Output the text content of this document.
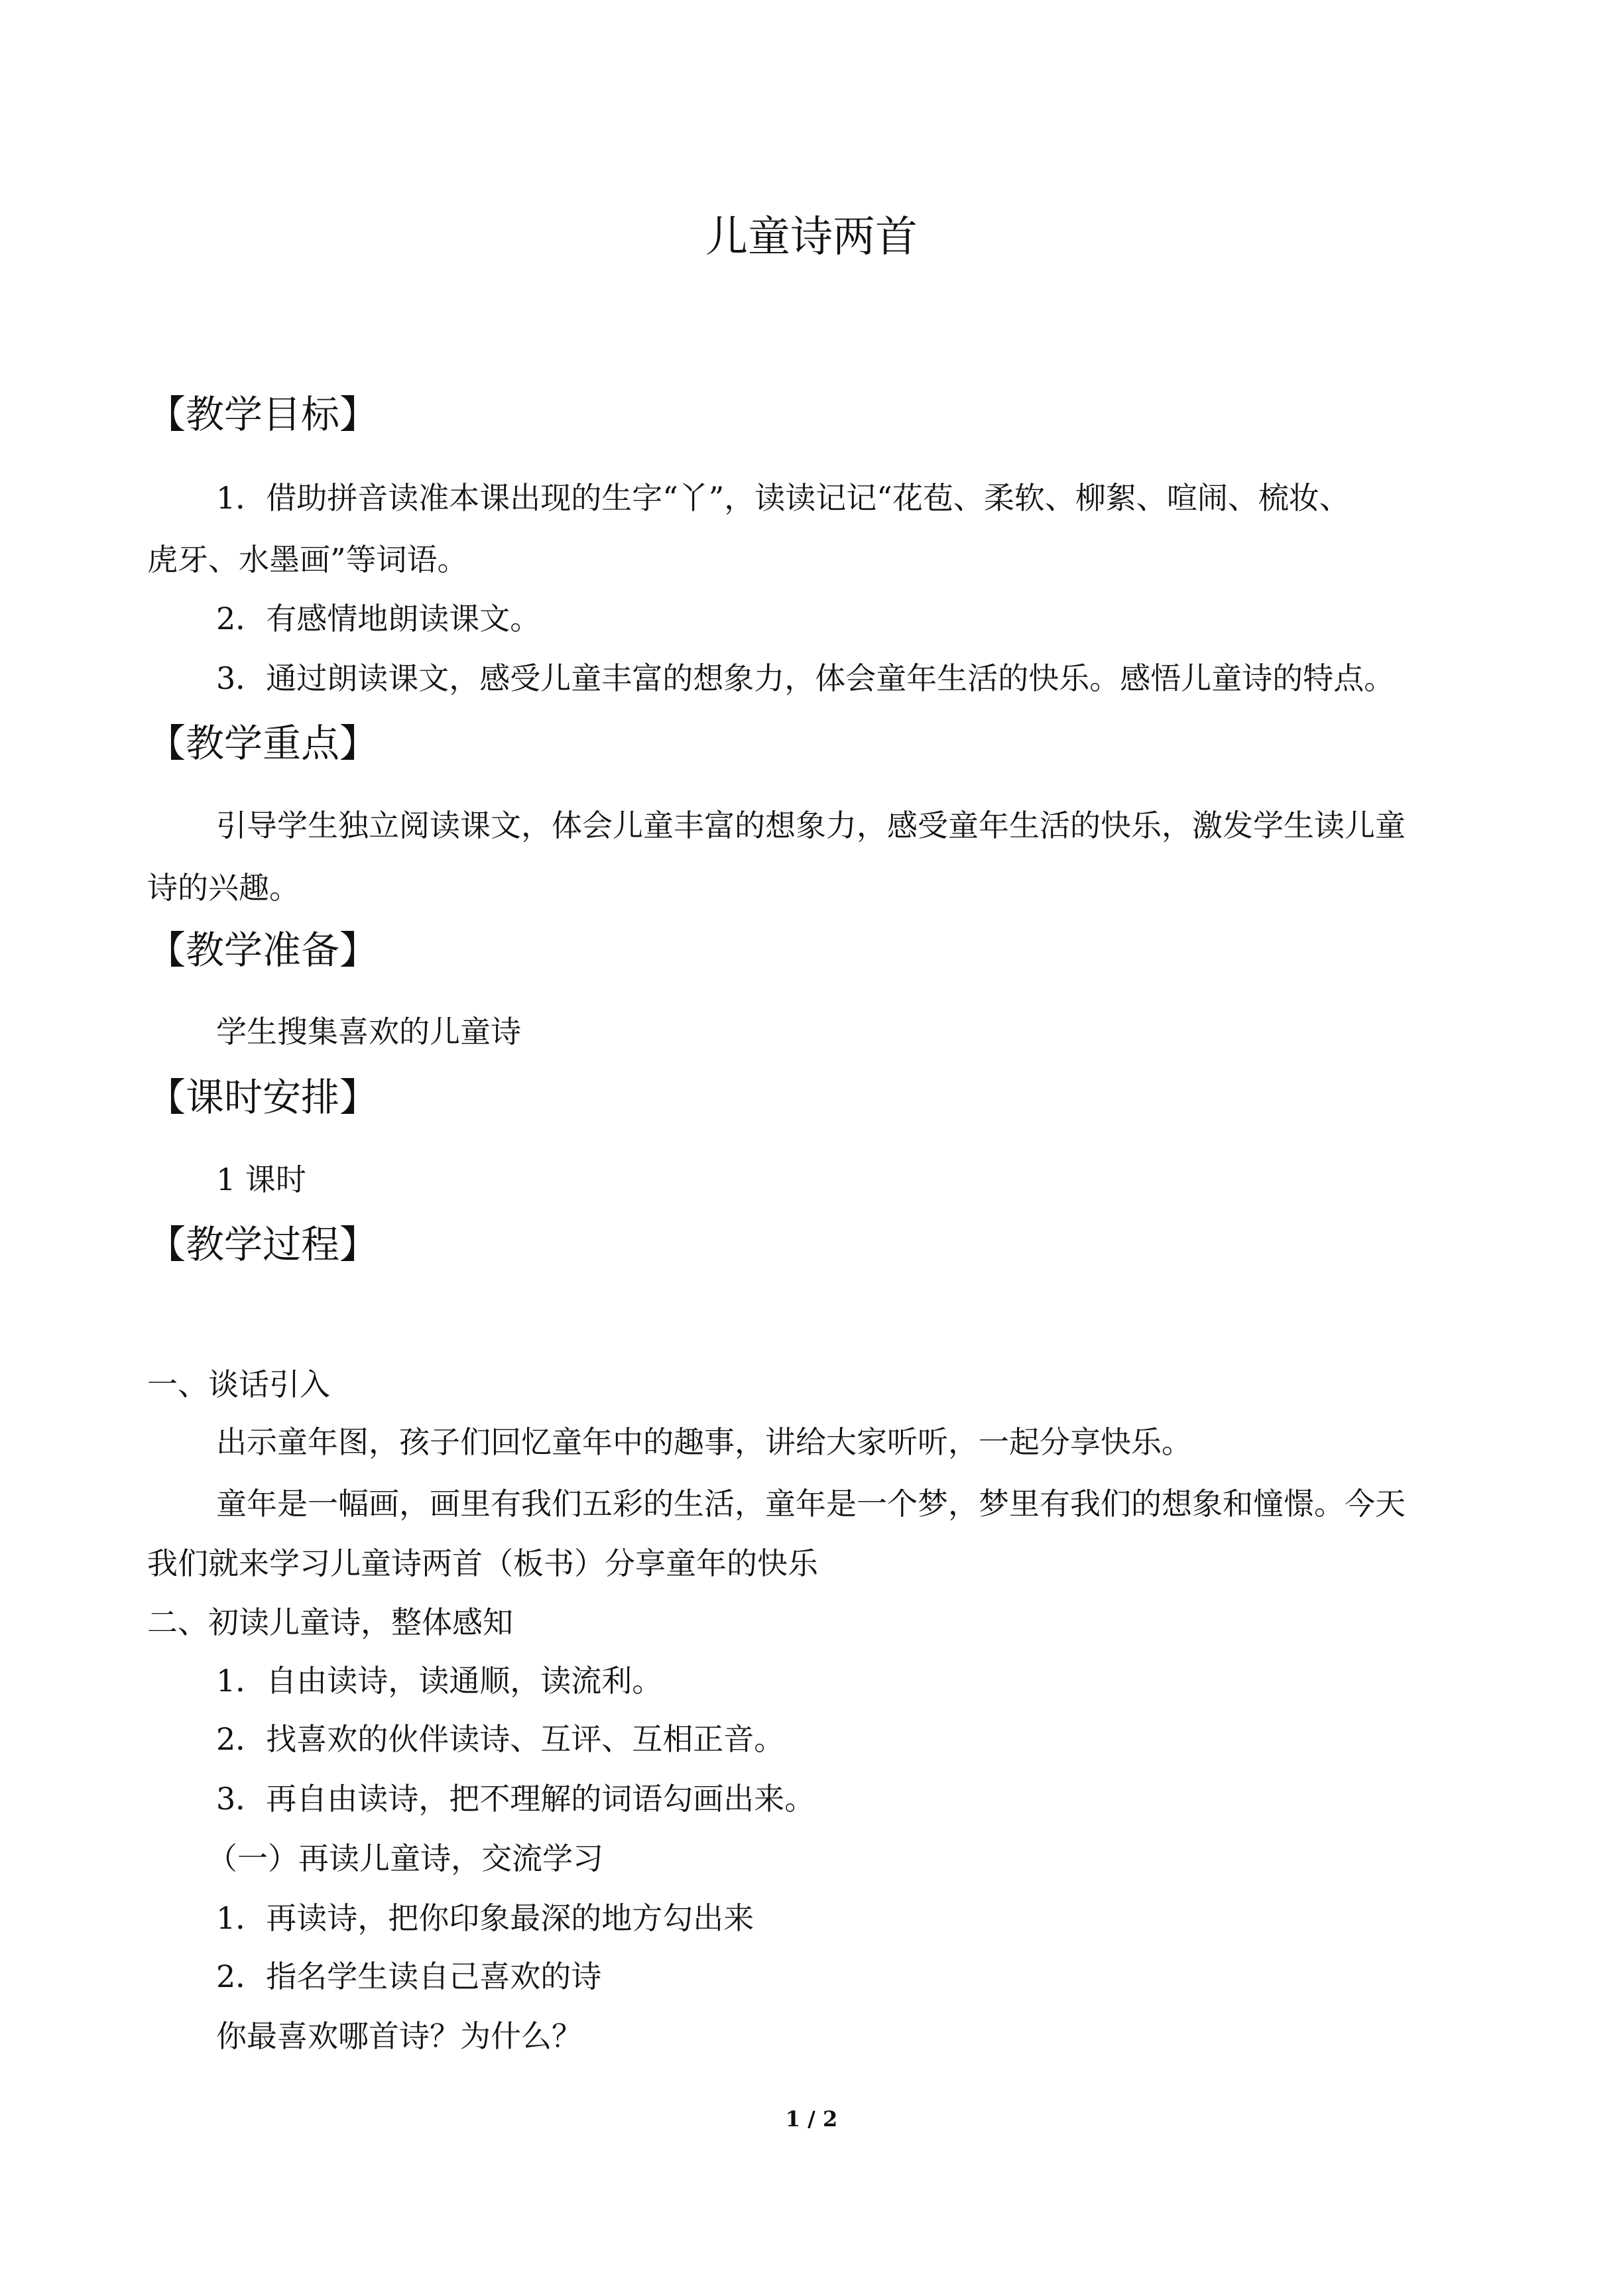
儿童诗两首
【教学目标】
1．借助拼音读准本课出现的生字“丫”，读读记记“花苞、柔软、柳絮、喧闹、梳妆、
虎牙、水墨画”等词语。
2．有感情地朗读课文。
3．通过朗读课文，感受儿童丰富的想象力，体会童年生活的快乐。感悟儿童诗的特点。
【教学重点】
引导学生独立阅读课文，体会儿童丰富的想象力，感受童年生活的快乐，激发学生读儿童
诗的兴趣。
【教学准备】
学生搜集喜欢的儿童诗
【课时安排】
1 课时
【教学过程】
一、谈话引入
出示童年图，孩子们回忆童年中的趣事，讲给大家听听，一起分享快乐。
童年是一幅画，画里有我们五彩的生活，童年是一个梦，梦里有我们的想象和憧憬。今天
我们就来学习儿童诗两首（板书）分享童年的快乐
二、初读儿童诗，整体感知
1．自由读诗，读通顺，读流利。
2．找喜欢的伙伴读诗、互评、互相正音。
3．再自由读诗，把不理解的词语勾画出来。
（一）再读儿童诗，交流学习
1．再读诗，把你印象最深的地方勾出来
2．指名学生读自己喜欢的诗
你最喜欢哪首诗？为什么？
1 / 2
